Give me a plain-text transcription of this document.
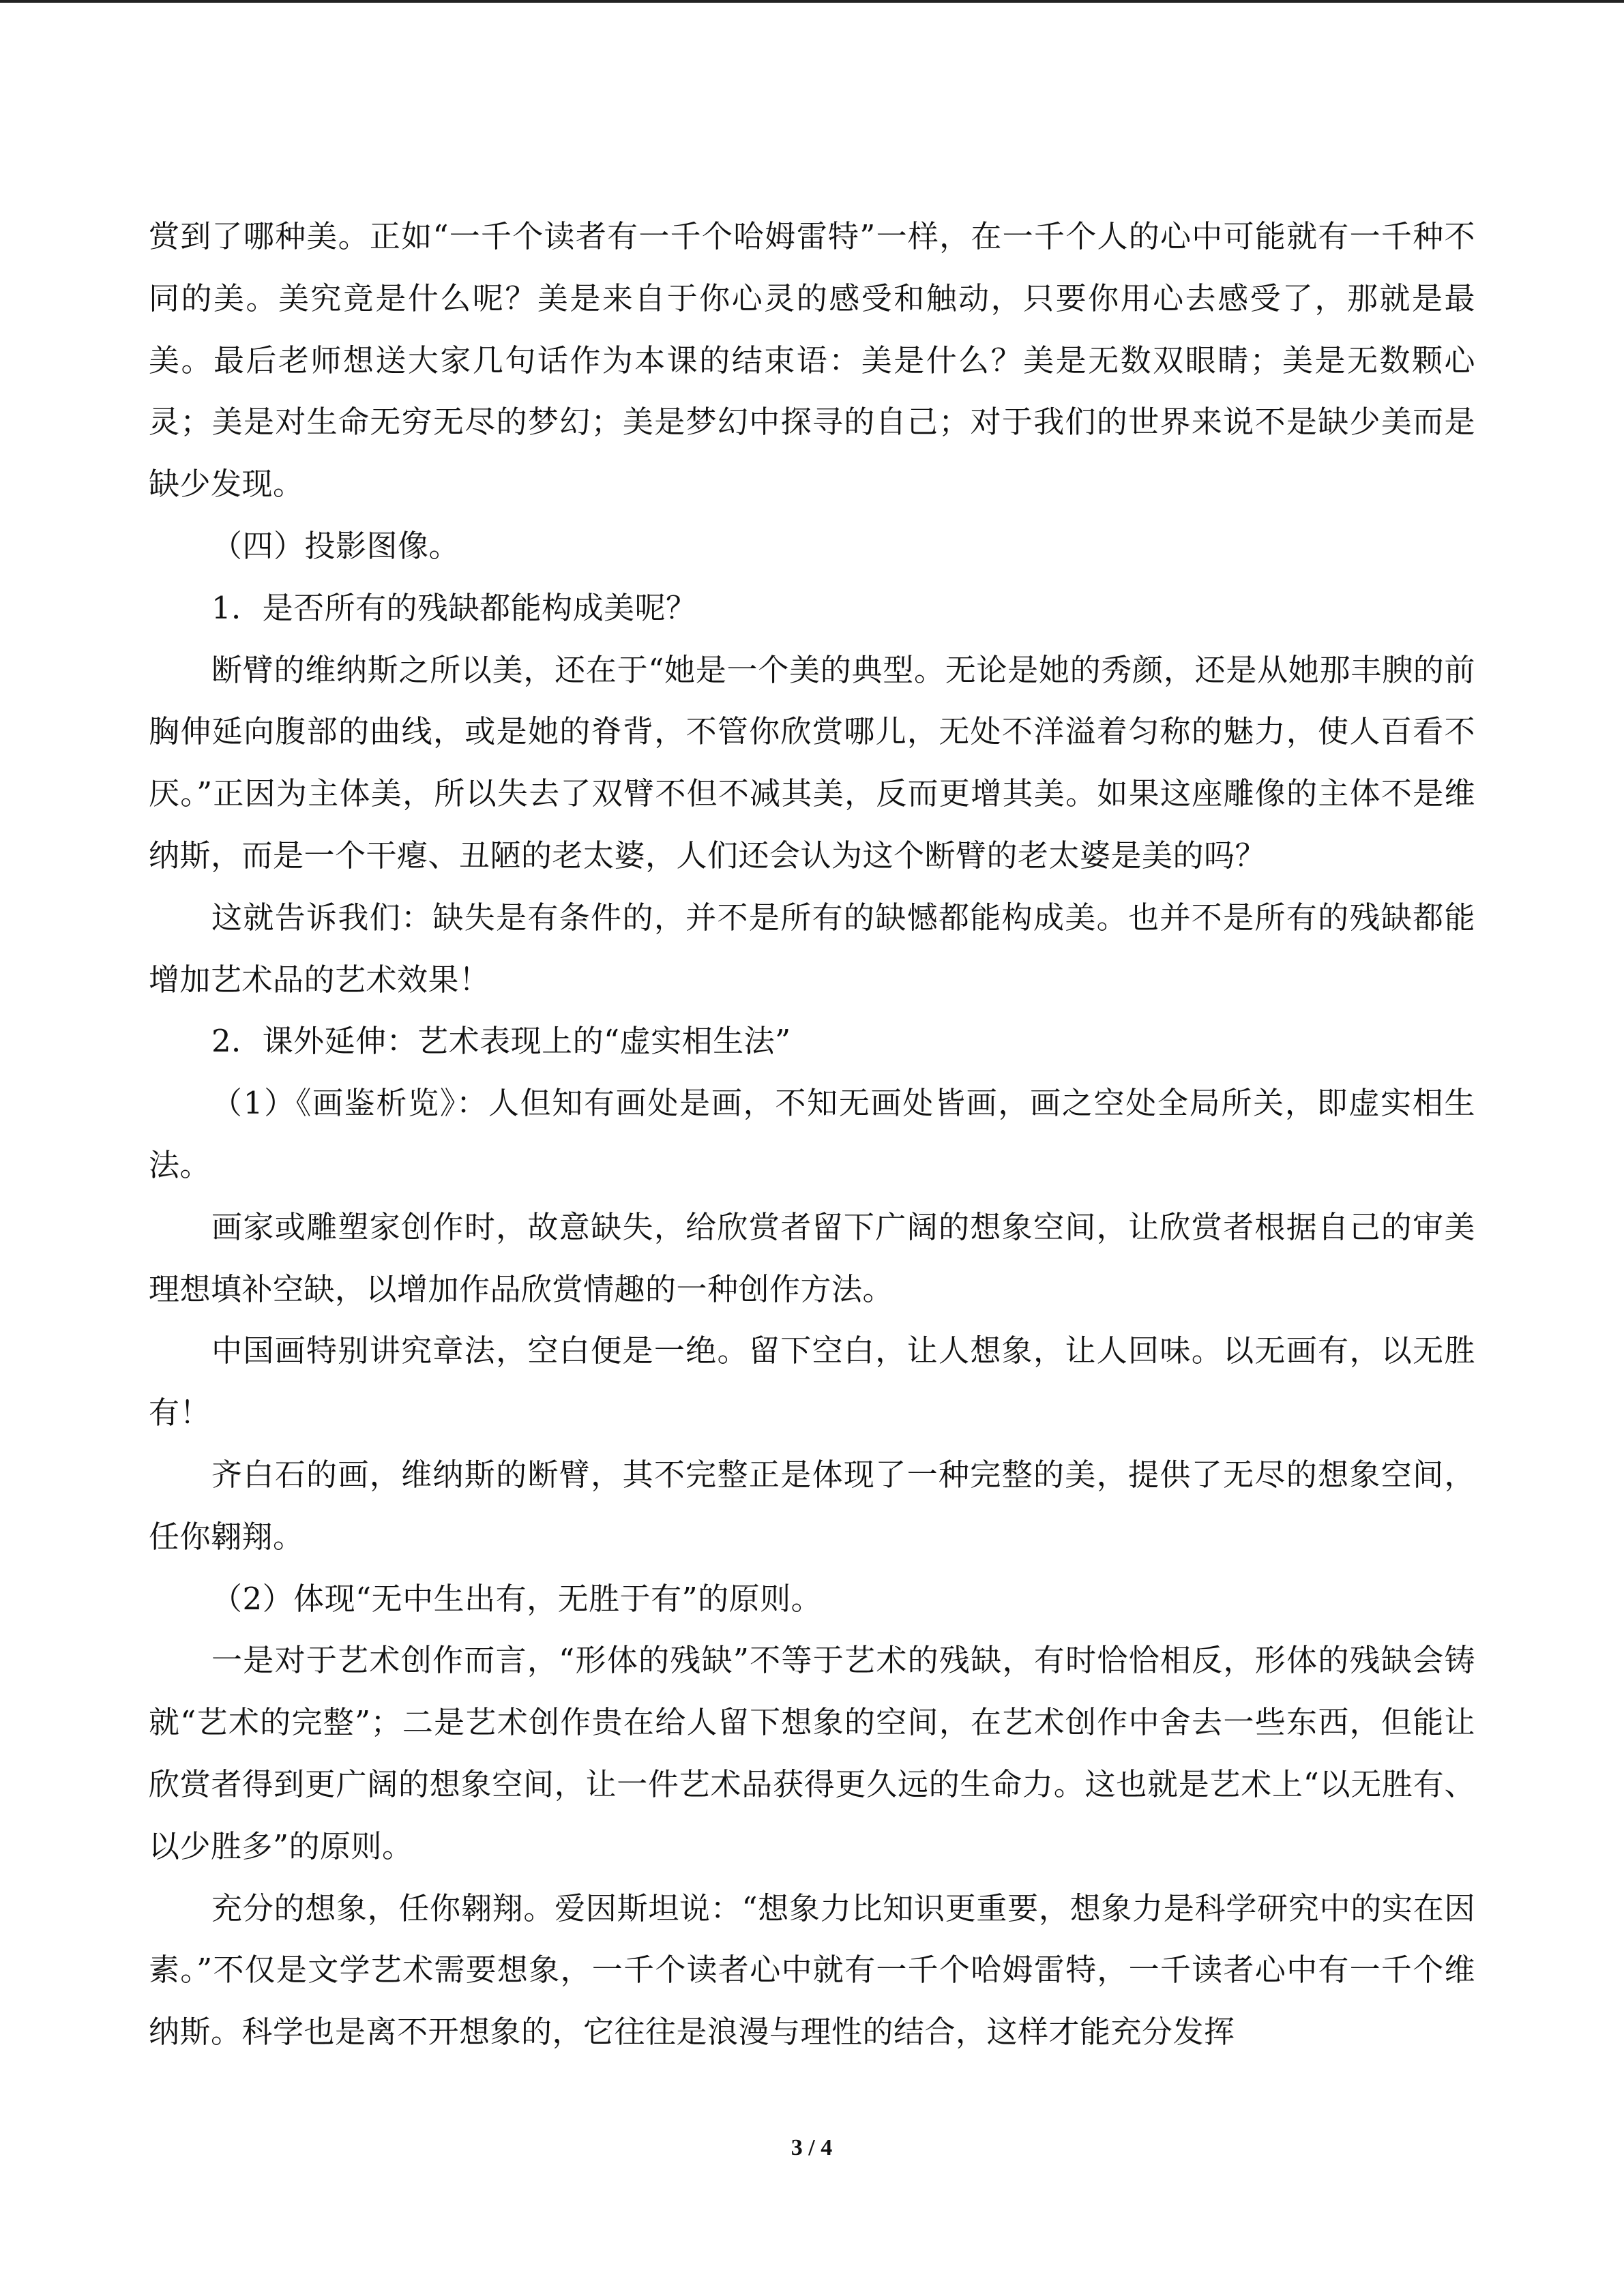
赏到了哪种美。正如“一千个读者有一千个哈姆雷特”一样，在一千个人的心中可能就有一千种不同的美。美究竟是什么呢？美是来自于你心灵的感受和触动，只要你用心去感受了，那就是最美。最后老师想送大家几句话作为本课的结束语：美是什么？美是无数双眼睛；美是无数颗心灵；美是对生命无穷无尽的梦幻；美是梦幻中探寻的自己；对于我们的世界来说不是缺少美而是缺少发现。

（四）投影图像。

1．是否所有的残缺都能构成美呢？

断臂的维纳斯之所以美，还在于“她是一个美的典型。无论是她的秀颜，还是从她那丰腴的前胸伸延向腹部的曲线，或是她的脊背，不管你欣赏哪儿，无处不洋溢着匀称的魅力，使人百看不厌。”正因为主体美，所以失去了双臂不但不减其美，反而更增其美。如果这座雕像的主体不是维纳斯，而是一个干瘪、丑陋的老太婆，人们还会认为这个断臂的老太婆是美的吗？

这就告诉我们：缺失是有条件的，并不是所有的缺憾都能构成美。也并不是所有的残缺都能增加艺术品的艺术效果！

2．课外延伸：艺术表现上的“虚实相生法”

（1）《画鉴析览》：人但知有画处是画，不知无画处皆画，画之空处全局所关，即虚实相生法。

画家或雕塑家创作时，故意缺失，给欣赏者留下广阔的想象空间，让欣赏者根据自己的审美理想填补空缺，以增加作品欣赏情趣的一种创作方法。

中国画特别讲究章法，空白便是一绝。留下空白，让人想象，让人回味。以无画有，以无胜有！

齐白石的画，维纳斯的断臂，其不完整正是体现了一种完整的美，提供了无尽的想象空间，任你翱翔。

（2）体现“无中生出有，无胜于有”的原则。

一是对于艺术创作而言，“形体的残缺”不等于艺术的残缺，有时恰恰相反，形体的残缺会铸就“艺术的完整”；二是艺术创作贵在给人留下想象的空间，在艺术创作中舍去一些东西，但能让欣赏者得到更广阔的想象空间，让一件艺术品获得更久远的生命力。这也就是艺术上“以无胜有、以少胜多”的原则。

充分的想象，任你翱翔。爱因斯坦说：“想象力比知识更重要，想象力是科学研究中的实在因素。”不仅是文学艺术需要想象，一千个读者心中就有一千个哈姆雷特，一千读者心中有一千个维纳斯。科学也是离不开想象的，它往往是浪漫与理性的结合，这样才能充分发挥

3 / 4
